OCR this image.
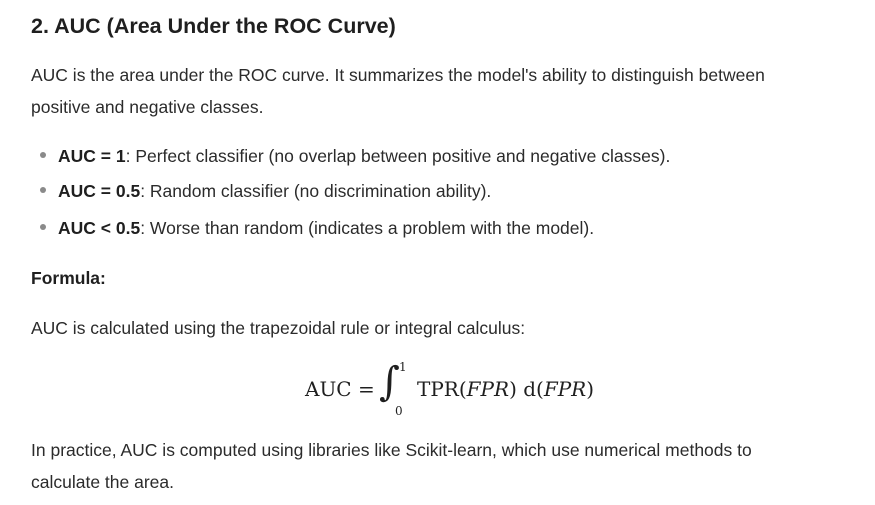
2. AUC (Area Under the ROC Curve)
AUC is the area under the ROC curve. It summarizes the model's ability to distinguish between
positive and negative classes.
AUC = 1: Perfect classifier (no overlap between positive and negative classes).
AUC = 0.5: Random classifier (no discrimination ability).
AUC < 0.5: Worse than random (indicates a problem with the model).
Formula:
AUC is calculated using the trapezoidal rule or integral calculus:
AUC = ∫ 1
0
TPR(FPR) d(FPR)
In practice, AUC is computed using libraries like Scikit-learn, which use numerical methods to
calculate the area.
